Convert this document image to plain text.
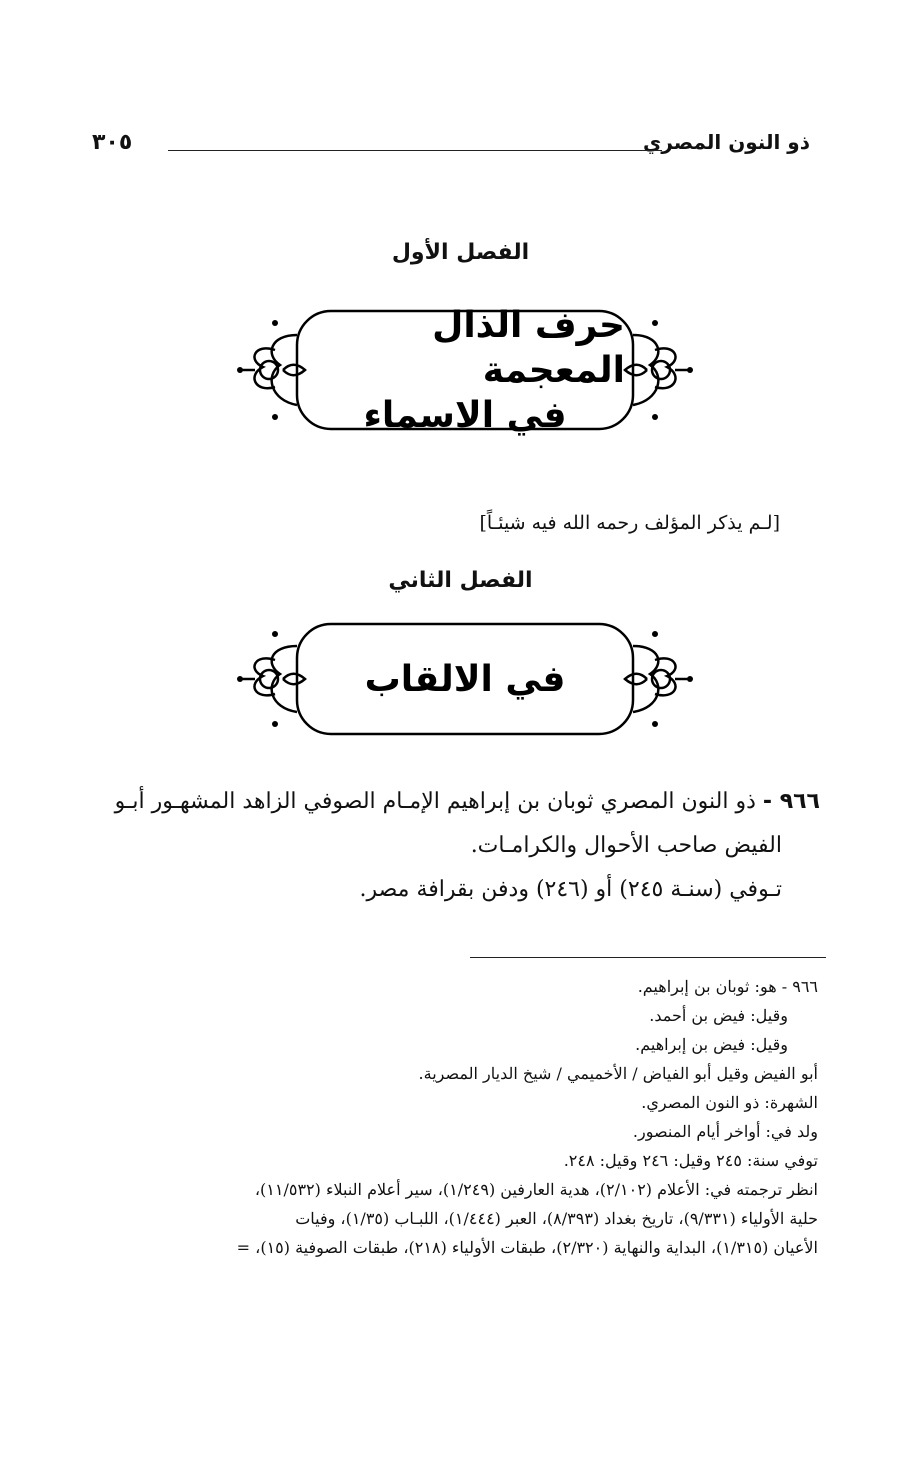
ذو النون المصري
٣٠٥
الفصل الأول
حرف الذال المعجمة
في الاسماء
[لـم يذكر المؤلف رحمه الله فيه شيئـاً]
الفصل الثاني
في الالقاب

٩٦٦ - ذو النون المصري ثوبان بن إبراهيم الإمـام الصوفي الزاهد المشهـور أبـو

الفيض صاحب الأحوال والكرامـات.

تـوفي (سنـة ٢٤٥) أو (٢٤٦) ودفن بقرافة مصر.

٩٦٦ - هو: ثوبان بن إبراهيم.
وقيل: فيض بن أحمد.
وقيل: فيض بن إبراهيم.
أبو الفيض وقيل أبو الفياض / الأخميمي / شيخ الديار المصرية.
الشهرة: ذو النون المصري.
ولد في: أواخر أيام المنصور.
توفي سنة: ٢٤٥ وقيل: ٢٤٦ وقيل: ٢٤٨.
انظر ترجمته في: الأعلام (٢/١٠٢)، هدية العارفين (١/٢٤٩)، سير أعلام النبلاء (١١/٥٣٢)،
حلية الأولياء (٩/٣٣١)، تاريخ بغداد (٨/٣٩٣)، العبر (١/٤٤٤)، اللبـاب (١/٣٥)، وفيات
الأعيان (١/٣١٥)، البداية والنهاية (٢/٣٢٠)، طبقات الأولياء (٢١٨)، طبقات الصوفية (١٥)، =
